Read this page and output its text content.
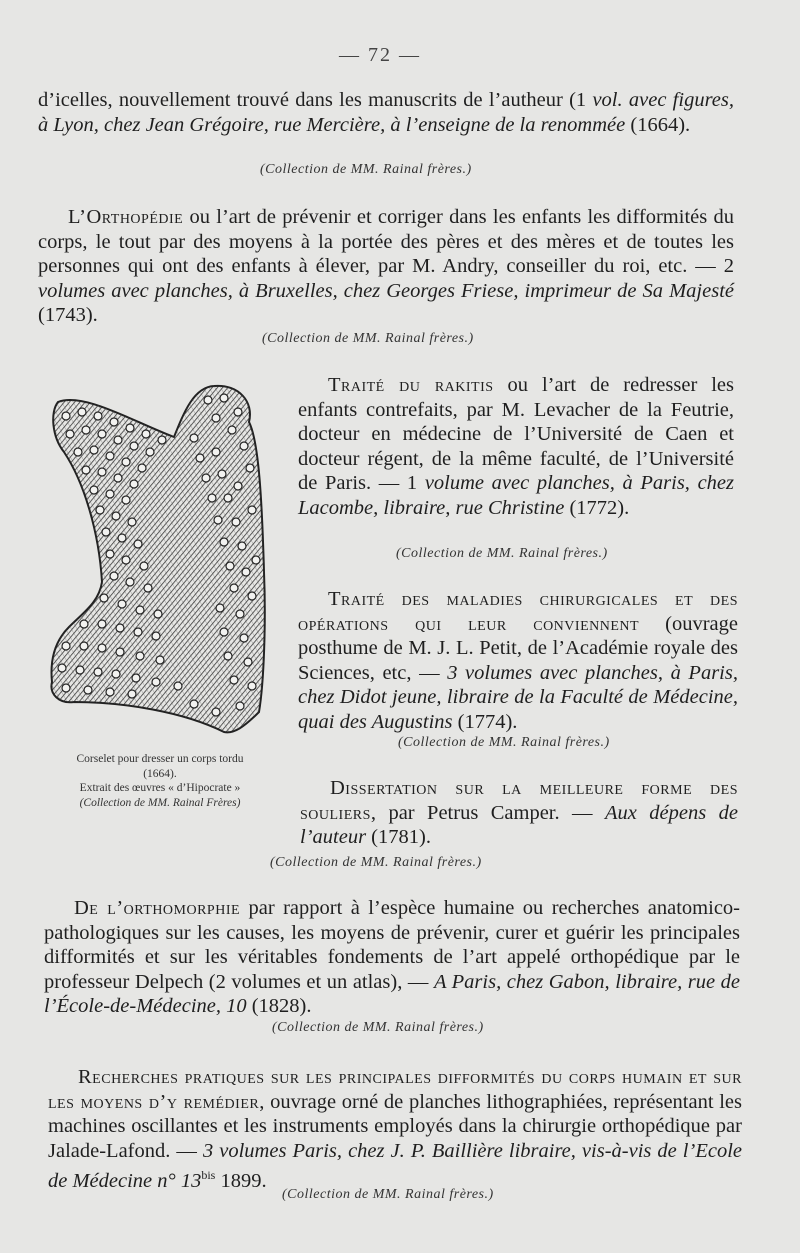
— 72 —
d’icelles, nouvellement trouvé dans les manuscrits de l’autheur (1 vol. avec figures, à Lyon, chez Jean Grégoire, rue Mercière, à l’enseigne de la renommée (1664).
(Collection de MM. Rainal frères.)
L’Orthopédie ou l’art de prévenir et corriger dans les enfants les difformités du corps, le tout par des moyens à la portée des pères et des mères et de toutes les personnes qui ont des enfants à élever, par M. Andry, conseiller du roi, etc. — 2 volumes avec planches, à Bruxelles, chez Georges Friese, imprimeur de Sa Majesté (1743).
(Collection de MM. Rainal frères.)
Corselet pour dresser un corps tordu
(1664).
Extrait des œuvres « d’Hipocrate »
(Collection de MM. Rainal Frères)
Traité du rakitis ou l’art de redresser les enfants contrefaits, par M. Levacher de la Feutrie, docteur en médecine de l’Université de Caen et docteur régent, de la même faculté, de l’Université de Paris. — 1 volume avec planches, à Paris, chez Lacombe, libraire, rue Christine (1772).
(Collection de MM. Rainal frères.)
Traité des maladies chirurgicales et des opérations qui leur conviennent (ouvrage posthume de M. J. L. Petit, de l’Académie royale des Sciences, etc, — 3 volumes avec planches, à Paris, chez Didot jeune, libraire de la Faculté de Médecine, quai des Augustins (1774).
(Collection de MM. Rainal frères.)
Dissertation sur la meilleure forme des souliers, par Petrus Camper. — Aux dépens de l’auteur (1781).
(Collection de MM. Rainal frères.)
De l’orthomorphie par rapport à l’espèce humaine ou recherches anatomico-pathologiques sur les causes, les moyens de prévenir, curer et guérir les principales difformités et sur les véritables fondements de l’art appelé orthopédique par le professeur Delpech (2 volumes et un atlas), — A Paris, chez Gabon, libraire, rue de l’École-de-Médecine, 10 (1828).
(Collection de MM. Rainal frères.)
Recherches pratiques sur les principales difformités du corps humain et sur les moyens d’y remédier, ouvrage orné de planches lithographiées, représentant les machines oscillantes et les instruments employés dans la chirurgie orthopédique par Jalade-Lafond. — 3 volumes Paris, chez J. P. Baillière libraire, vis-à-vis de l’Ecole de Médecine n° $13^{bis}$ 1899.
(Collection de MM. Rainal frères.)
